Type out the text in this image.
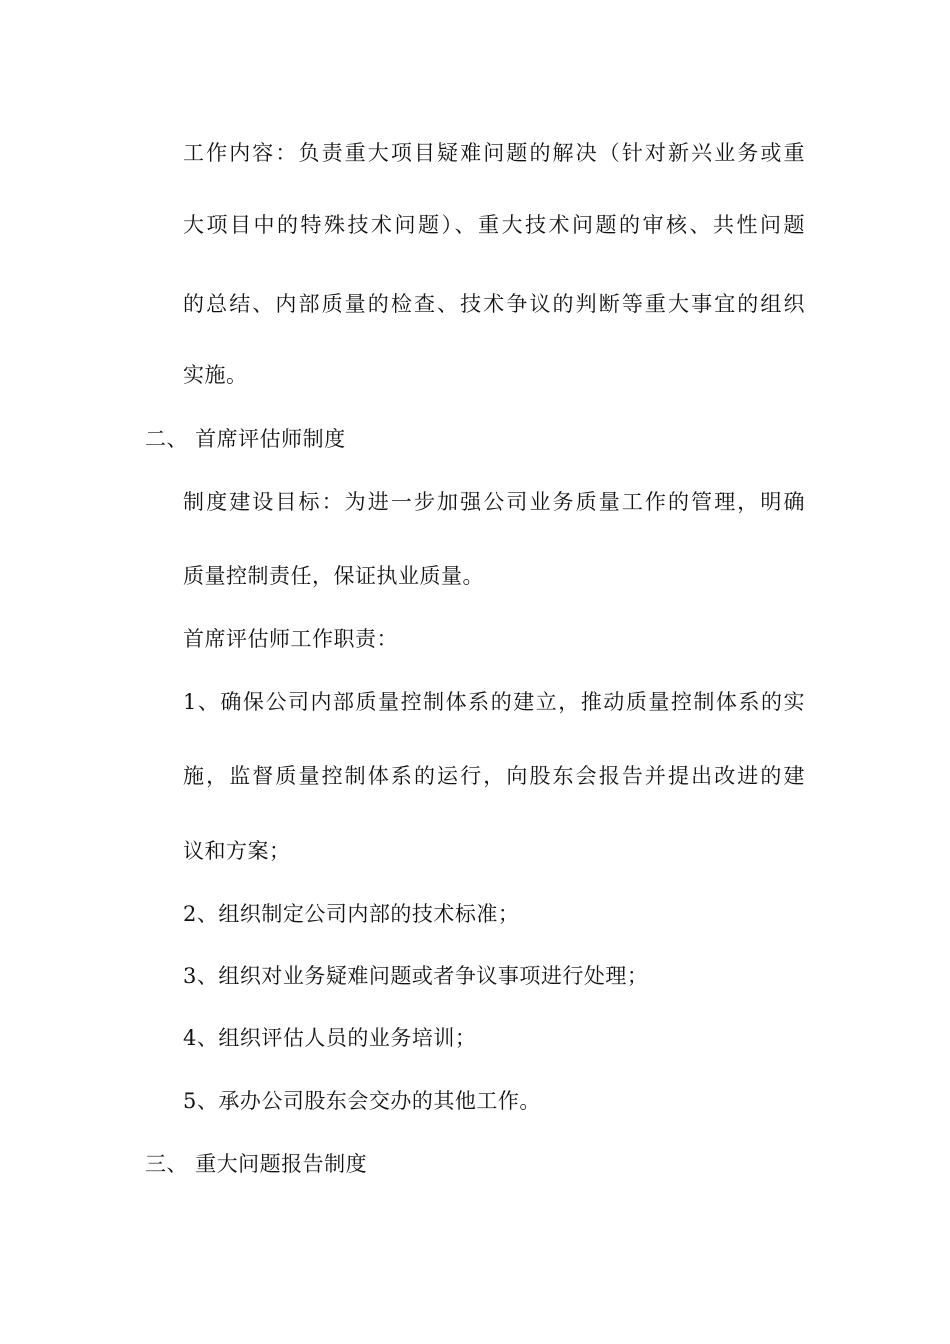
工作内容：负责重大项目疑难问题的解决（针对新兴业务或重
大项目中的特殊技术问题）、重大技术问题的审核、共性问题
的总结、内部质量的检查、技术争议的判断等重大事宜的组织
实施。
二、 首席评估师制度
制度建设目标：为进一步加强公司业务质量工作的管理，明确
质量控制责任，保证执业质量。
首席评估师工作职责：
1、确保公司内部质量控制体系的建立，推动质量控制体系的实
施，监督质量控制体系的运行，向股东会报告并提出改进的建
议和方案；
2、组织制定公司内部的技术标准；
3、组织对业务疑难问题或者争议事项进行处理；
4、组织评估人员的业务培训；
5、承办公司股东会交办的其他工作。
三、 重大问题报告制度
